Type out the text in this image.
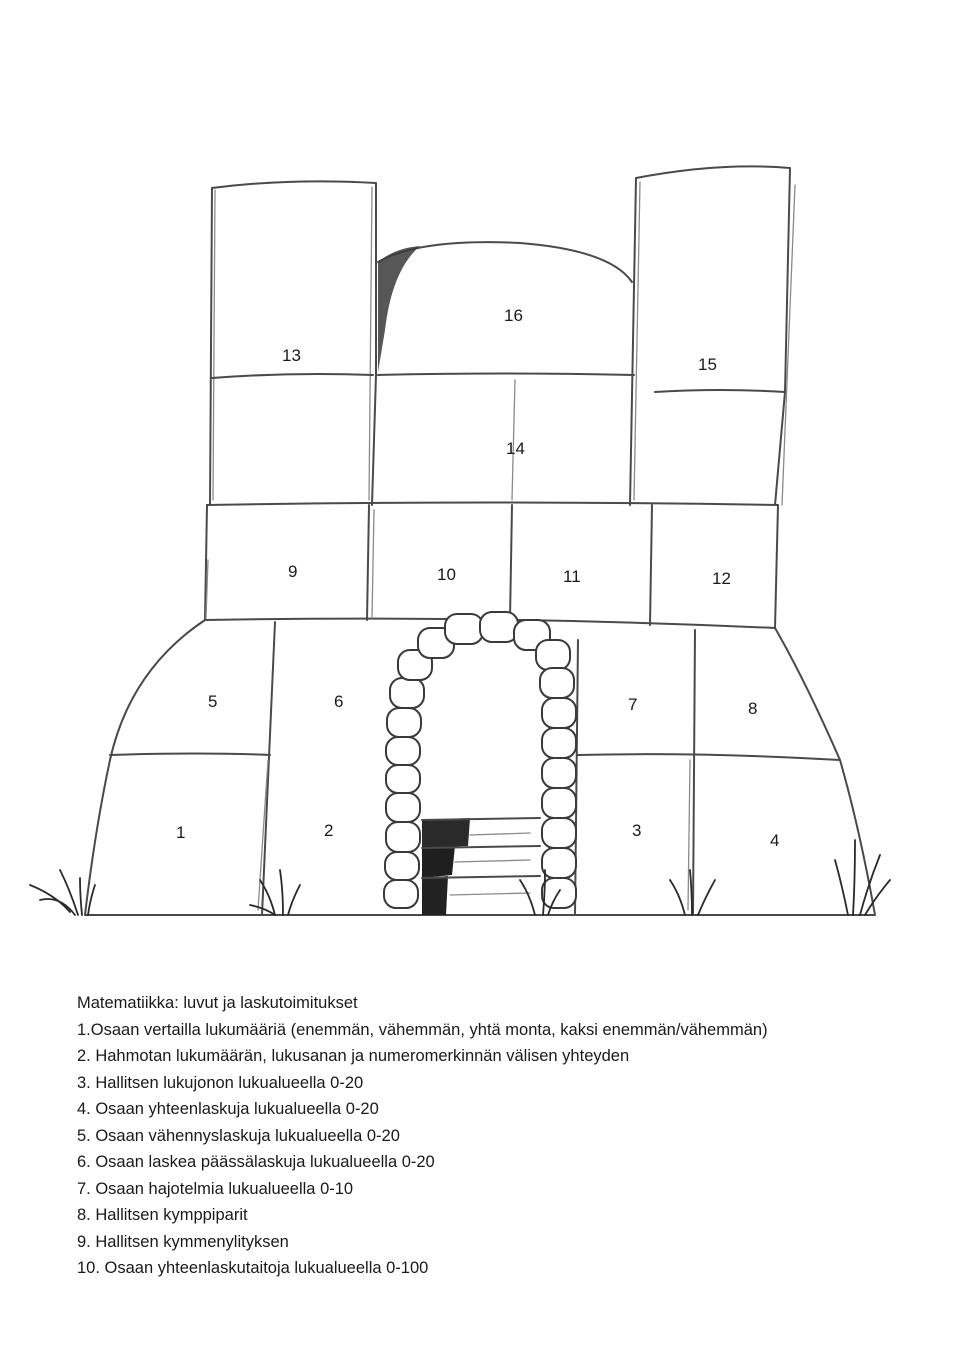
1	2	3
4
5	6	7	8
9	10	11	12
13
14
15
16
Matematiikka: luvut ja laskutoimitukset
1.Osaan vertailla lukumääriä (enemmän, vähemmän, yhtä monta, kaksi enemmän/vähemmän)
2. Hahmotan lukumäärän, lukusanan ja numeromerkinnän välisen yhteyden
3. Hallitsen lukujonon lukualueella 0-20
4. Osaan yhteenlaskuja lukualueella 0-20
5. Osaan vähennyslaskuja lukualueella 0-20
6. Osaan laskea päässälaskuja lukualueella 0-20
7. Osaan hajotelmia lukualueella 0-10
8. Hallitsen kymppiparit
9. Hallitsen kymmenylityksen
10. Osaan yhteenlaskutaitoja lukualueella 0-100
